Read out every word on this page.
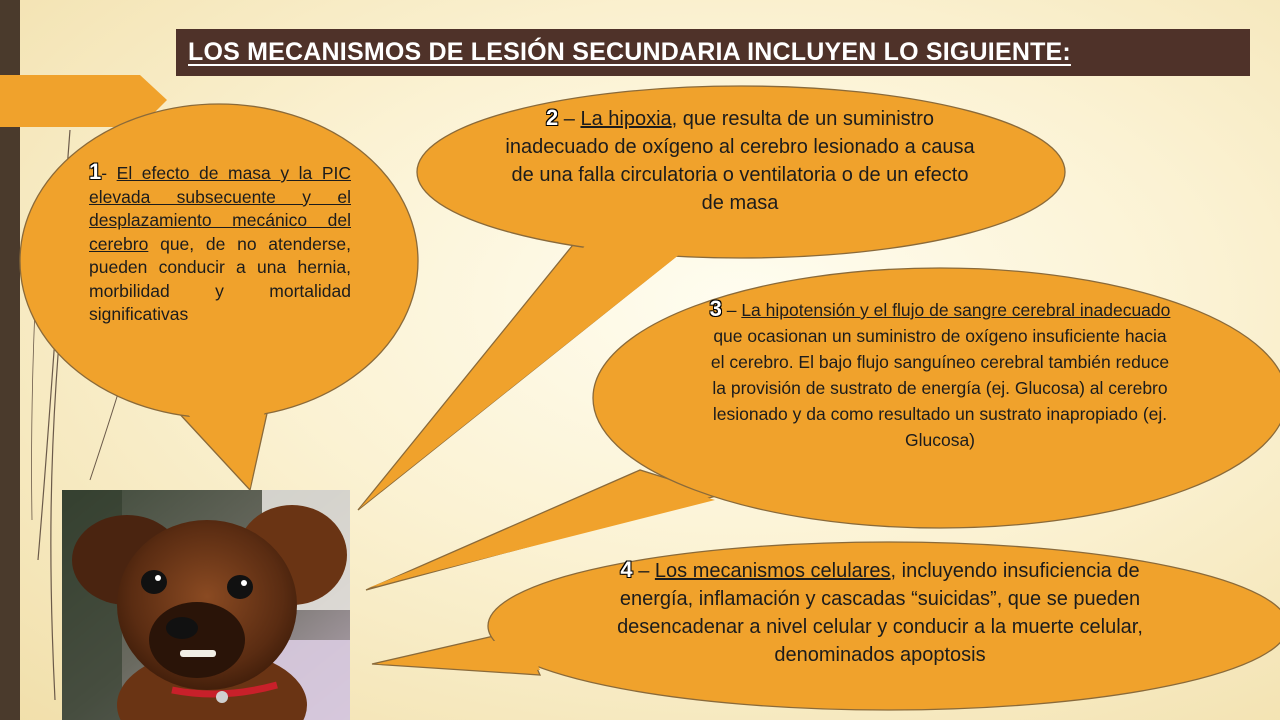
LOS MECANISMOS DE LESIÓN SECUNDARIA INCLUYEN LO SIGUIENTE:
1- El efecto de masa y la PIC elevada subsecuente y el desplazamiento mecánico del cerebro que, de no atenderse, pueden conducir a una hernia, morbilidad y mortalidad significativas
2 – La hipoxia, que resulta de un suministro inadecuado de oxígeno al cerebro lesionado a causa de una falla circulatoria o ventilatoria o de un efecto de masa
3 – La hipotensión y el flujo de sangre cerebral inadecuado que ocasionan un suministro de oxígeno insuficiente hacia el cerebro. El bajo flujo sanguíneo cerebral también reduce la provisión de sustrato de energía (ej. Glucosa) al cerebro lesionado y da como resultado un sustrato inapropiado (ej. Glucosa)
4 – Los mecanismos celulares, incluyendo insuficiencia de energía, inflamación y cascadas “suicidas”, que se pueden desencadenar a nivel celular y conducir a la muerte celular, denominados apoptosis
